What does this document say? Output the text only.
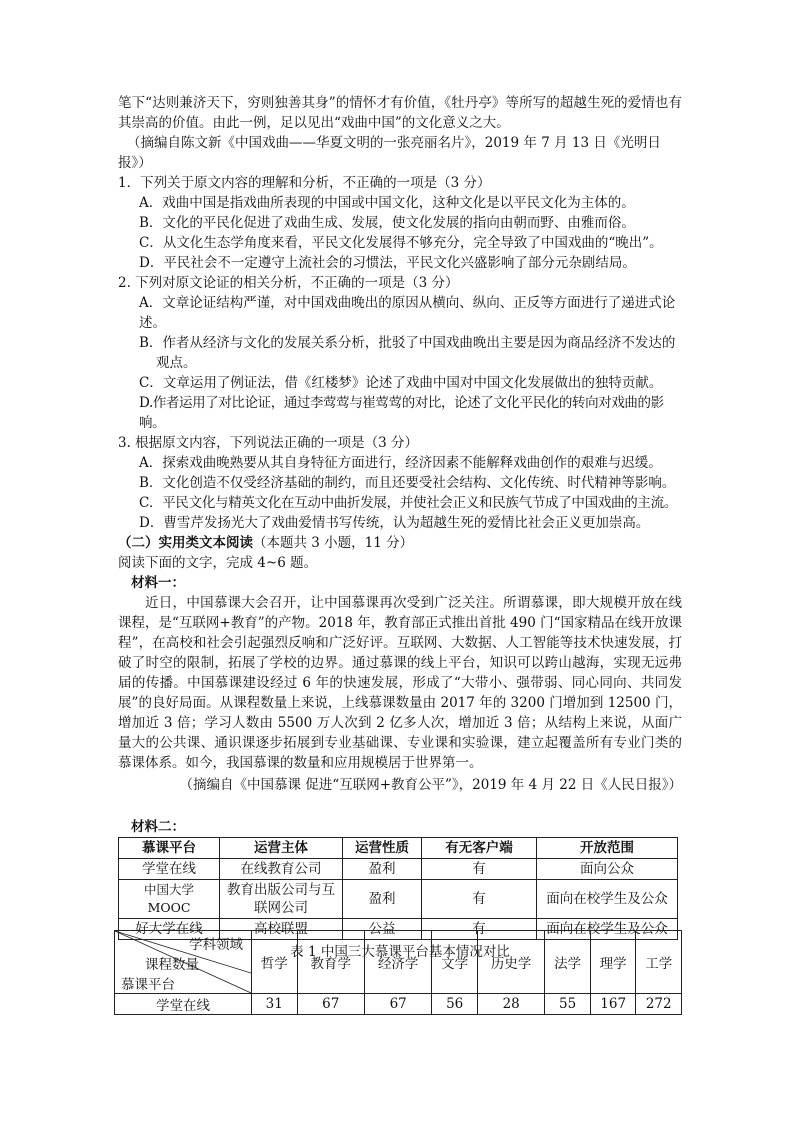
笔下“达则兼济天下，穷则独善其身”的情怀才有价值，《牡丹亭》等所写的超越生死的爱情也有其崇高的价值。由此一例，足以见出“戏曲中国”的文化意义之大。

（摘编自陈文新《中国戏曲——华夏文明的一张亮丽名片》，2019 年 7 月 13 日《光明日报》）

1．下列关于原文内容的理解和分析，不正确的一项是（3 分）

A．戏曲中国是指戏曲所表现的中国或中国文化，这种文化是以平民文化为主体的。

B．文化的平民化促进了戏曲生成、发展，使文化发展的指向由朝而野、由雅而俗。

C．从文化生态学角度来看，平民文化发展得不够充分，完全导致了中国戏曲的“晚出”。

D．平民社会不一定遵守上流社会的习惯法，平民文化兴盛影响了部分元杂剧结局。

2. 下列对原文论证的相关分析，不正确的一项是（3 分）

A．文章论证结构严谨，对中国戏曲晚出的原因从横向、纵向、正反等方面进行了递进式论述。

B．作者从经济与文化的发展关系分析，批驳了中国戏曲晚出主要是因为商品经济不发达的观点。

C．文章运用了例证法，借《红楼梦》论述了戏曲中国对中国文化发展做出的独特贡献。

D.作者运用了对比论证，通过李莺莺与崔莺莺的对比，论述了文化平民化的转向对戏曲的影响。

3. 根据原文内容，下列说法正确的一项是（3 分）

A．探索戏曲晚熟要从其自身特征方面进行，经济因素不能解释戏曲创作的艰难与迟缓。

B．文化创造不仅受经济基础的制约，而且还要受社会结构、文化传统、时代精神等影响。

C．平民文化与精英文化在互动中曲折发展，并使社会正义和民族气节成了中国戏曲的主流。

D．曹雪芹发扬光大了戏曲爱情书写传统，认为超越生死的爱情比社会正义更加崇高。

（二）实用类文本阅读（本题共 3 小题，11 分）

阅读下面的文字，完成 4~6 题。

材料一：

近日，中国慕课大会召开，让中国慕课再次受到广泛关注。所谓慕课，即大规模开放在线课程，是“互联网+教育”的产物。2018 年，教育部正式推出首批 490 门“国家精品在线开放课程”，在高校和社会引起强烈反响和广泛好评。互联网、大数据、人工智能等技术快速发展，打破了时空的限制，拓展了学校的边界。通过慕课的线上平台，知识可以跨山越海，实现无远弗届的传播。中国慕课建设经过 6 年的快速发展，形成了“大带小、强带弱、同心同向、共同发展”的良好局面。从课程数量上来说，上线慕课数量由 2017 年的 3200 门增加到 12500 门，增加近 3 倍；学习人数由 5500 万人次到 2 亿多人次，增加近 3 倍；从结构上来说，从面广量大的公共课、通识课逐步拓展到专业基础课、专业课和实验课，建立起覆盖所有专业门类的慕课体系。如今，我国慕课的数量和应用规模居于世界第一。

（摘编自《中国慕课 促进“互联网+教育公平”》，2019 年 4 月 22 日《人民日报》）

材料二：

慕课平台	运营主体	运营性质	有无客户端	开放范围
学堂在线	在线教育公司	盈利	有	面向公众
中国大学 MOOC	教育出版公司与互联网公司	盈利	有	面向在校学生及公众
好大学在线	高校联盟	公益	有	面向在校学生及公众

表 1 中国三大慕课平台基本情况对比

学科领域
课程数量
慕课平台	哲学	教育学	经济学	文学	历史学	法学	理学	工学
学堂在线	31	67	67	56	28	55	167	272
